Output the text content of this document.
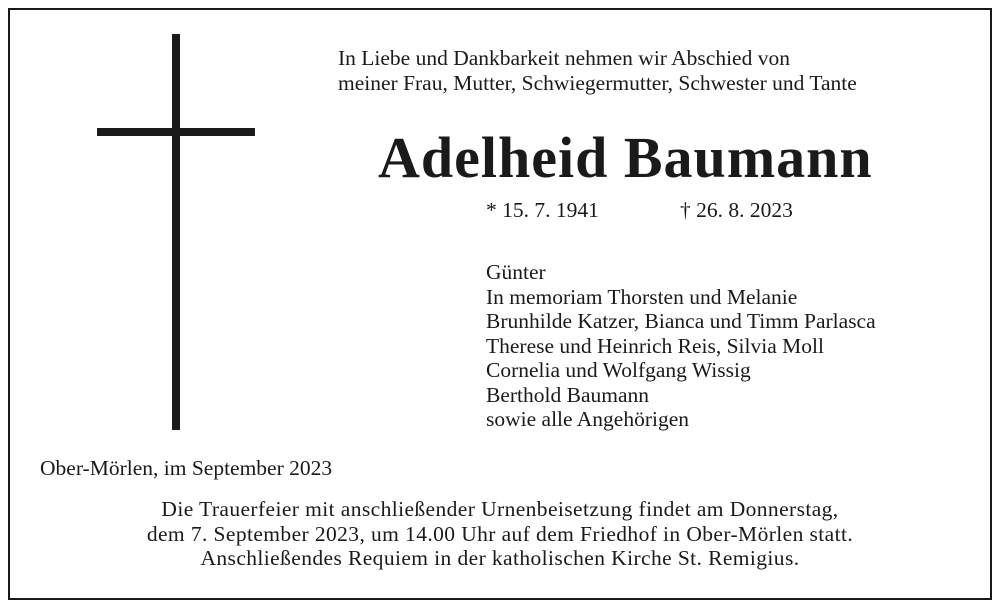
In Liebe und Dankbarkeit nehmen wir Abschied von
meiner Frau, Mutter, Schwiegermutter, Schwester und Tante
Adelheid Baumann
* 15. 7. 1941	† 26. 8. 2023
Günter
In memoriam Thorsten und Melanie
Brunhilde Katzer, Bianca und Timm Parlasca
Therese und Heinrich Reis, Silvia Moll
Cornelia und Wolfgang Wissig
Berthold Baumann
sowie alle Angehörigen
Ober-Mörlen, im September 2023
Die Trauerfeier mit anschließender Urnenbeisetzung findet am Donnerstag,
dem 7. September 2023, um 14.00 Uhr auf dem Friedhof in Ober-Mörlen statt.
Anschließendes Requiem in der katholischen Kirche St. Remigius.
